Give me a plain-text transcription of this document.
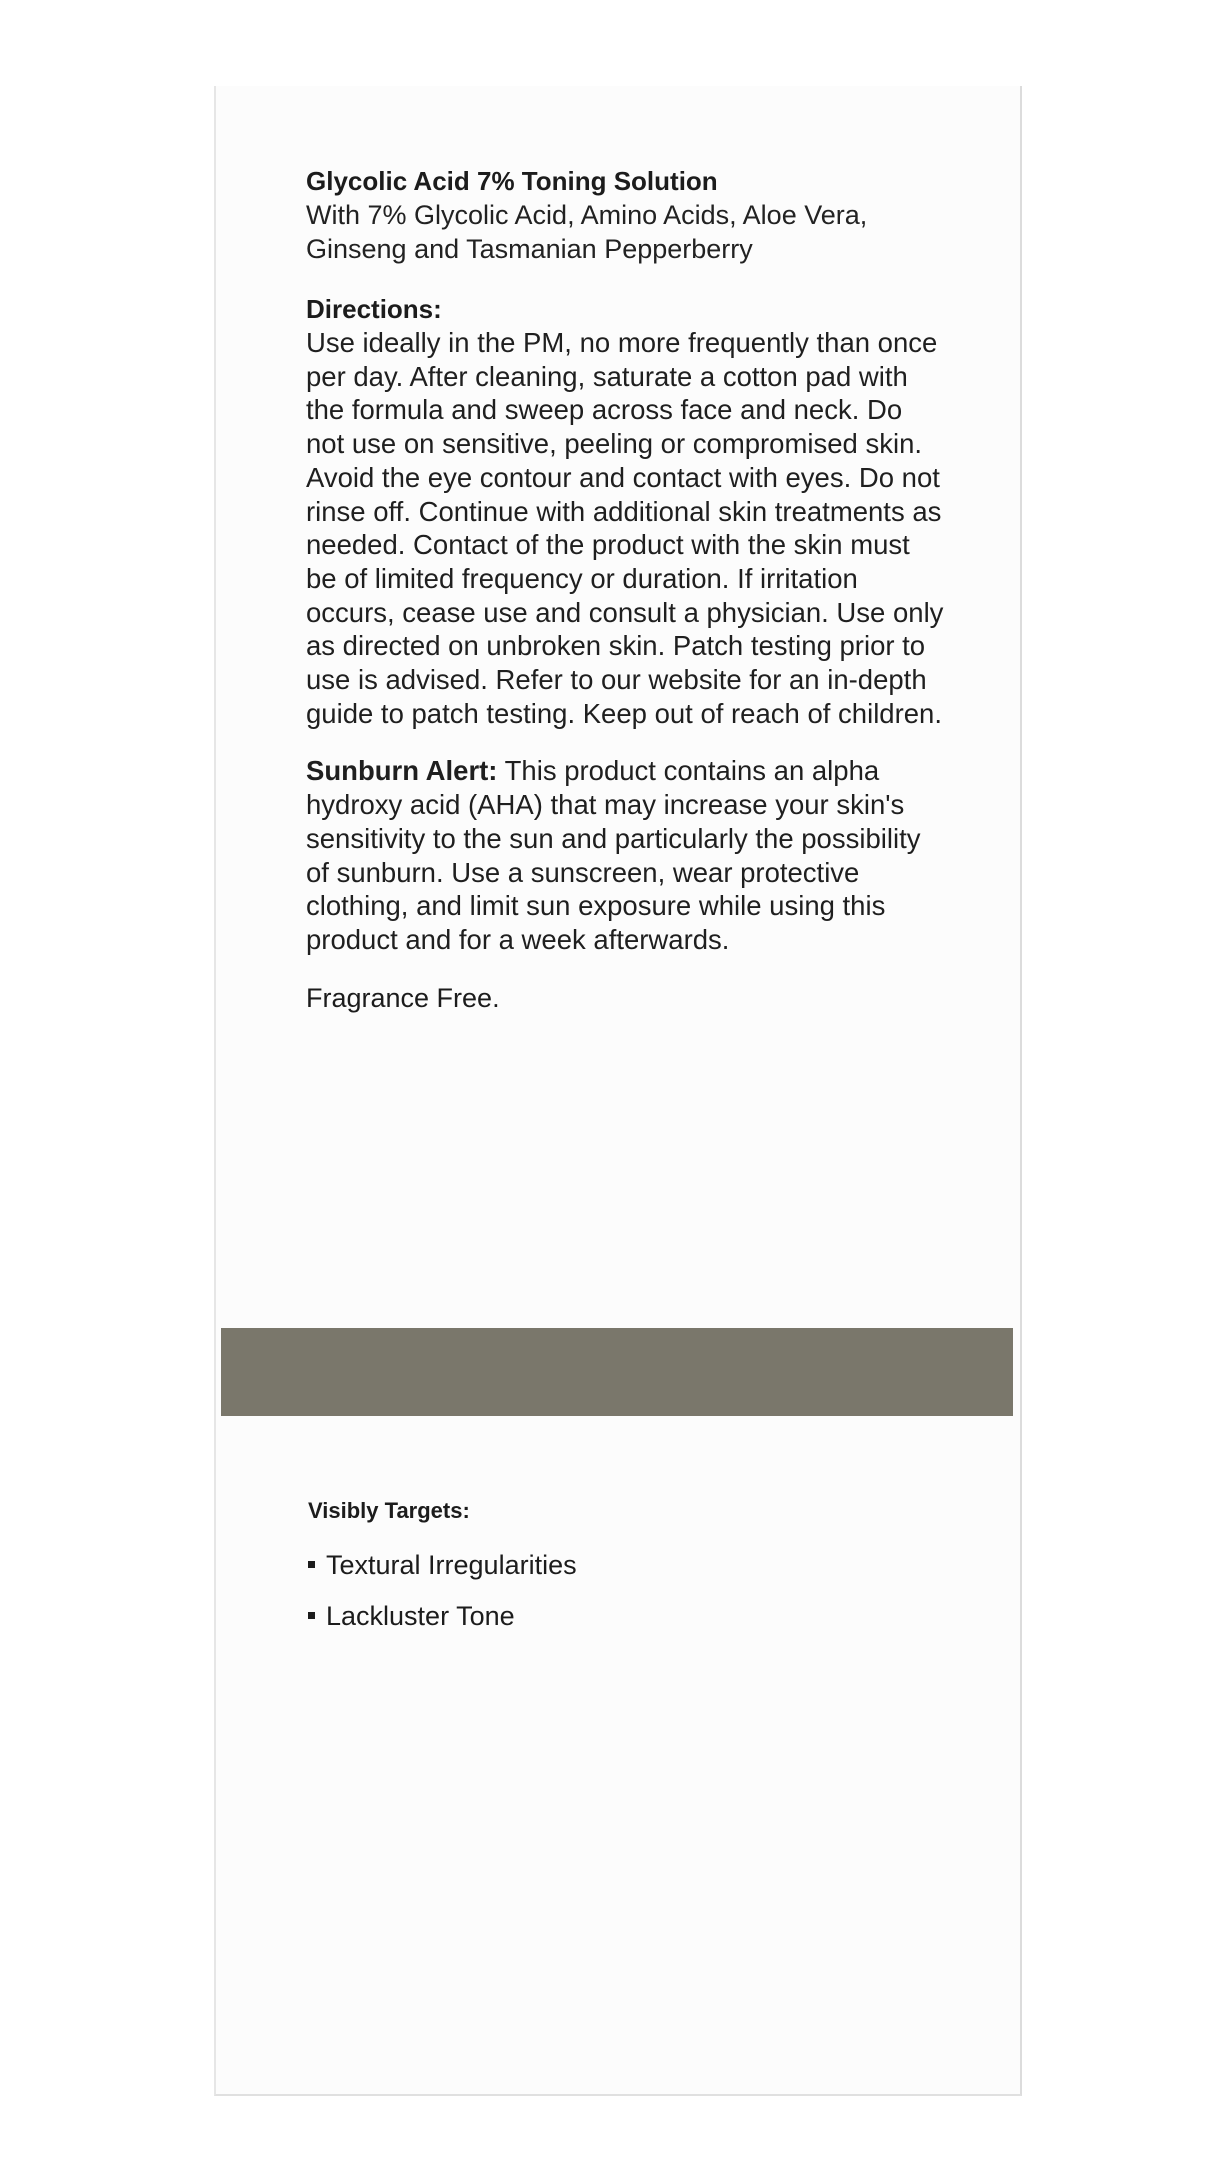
Glycolic Acid 7% Toning Solution

With 7% Glycolic Acid, Amino Acids, Aloe Vera, Ginseng and Tasmanian Pepperberry

Directions:

Use ideally in the PM, no more frequently than once per day. After cleaning, saturate a cotton pad with the formula and sweep across face and neck. Do not use on sensitive, peeling or compromised skin. Avoid the eye contour and contact with eyes. Do not rinse off. Continue with additional skin treatments as needed. Contact of the product with the skin must be of limited frequency or duration. If irritation occurs, cease use and consult a physician. Use only as directed on unbroken skin. Patch testing prior to use is advised. Refer to our website for an in-depth guide to patch testing. Keep out of reach of children.

Sunburn Alert: This product contains an alpha hydroxy acid (AHA) that may increase your skin's sensitivity to the sun and particularly the possibility of sunburn. Use a sunscreen, wear protective clothing, and limit sun exposure while using this product and for a week afterwards.

Fragrance Free.

Visibly Targets:

Textural Irregularities
Lackluster Tone
